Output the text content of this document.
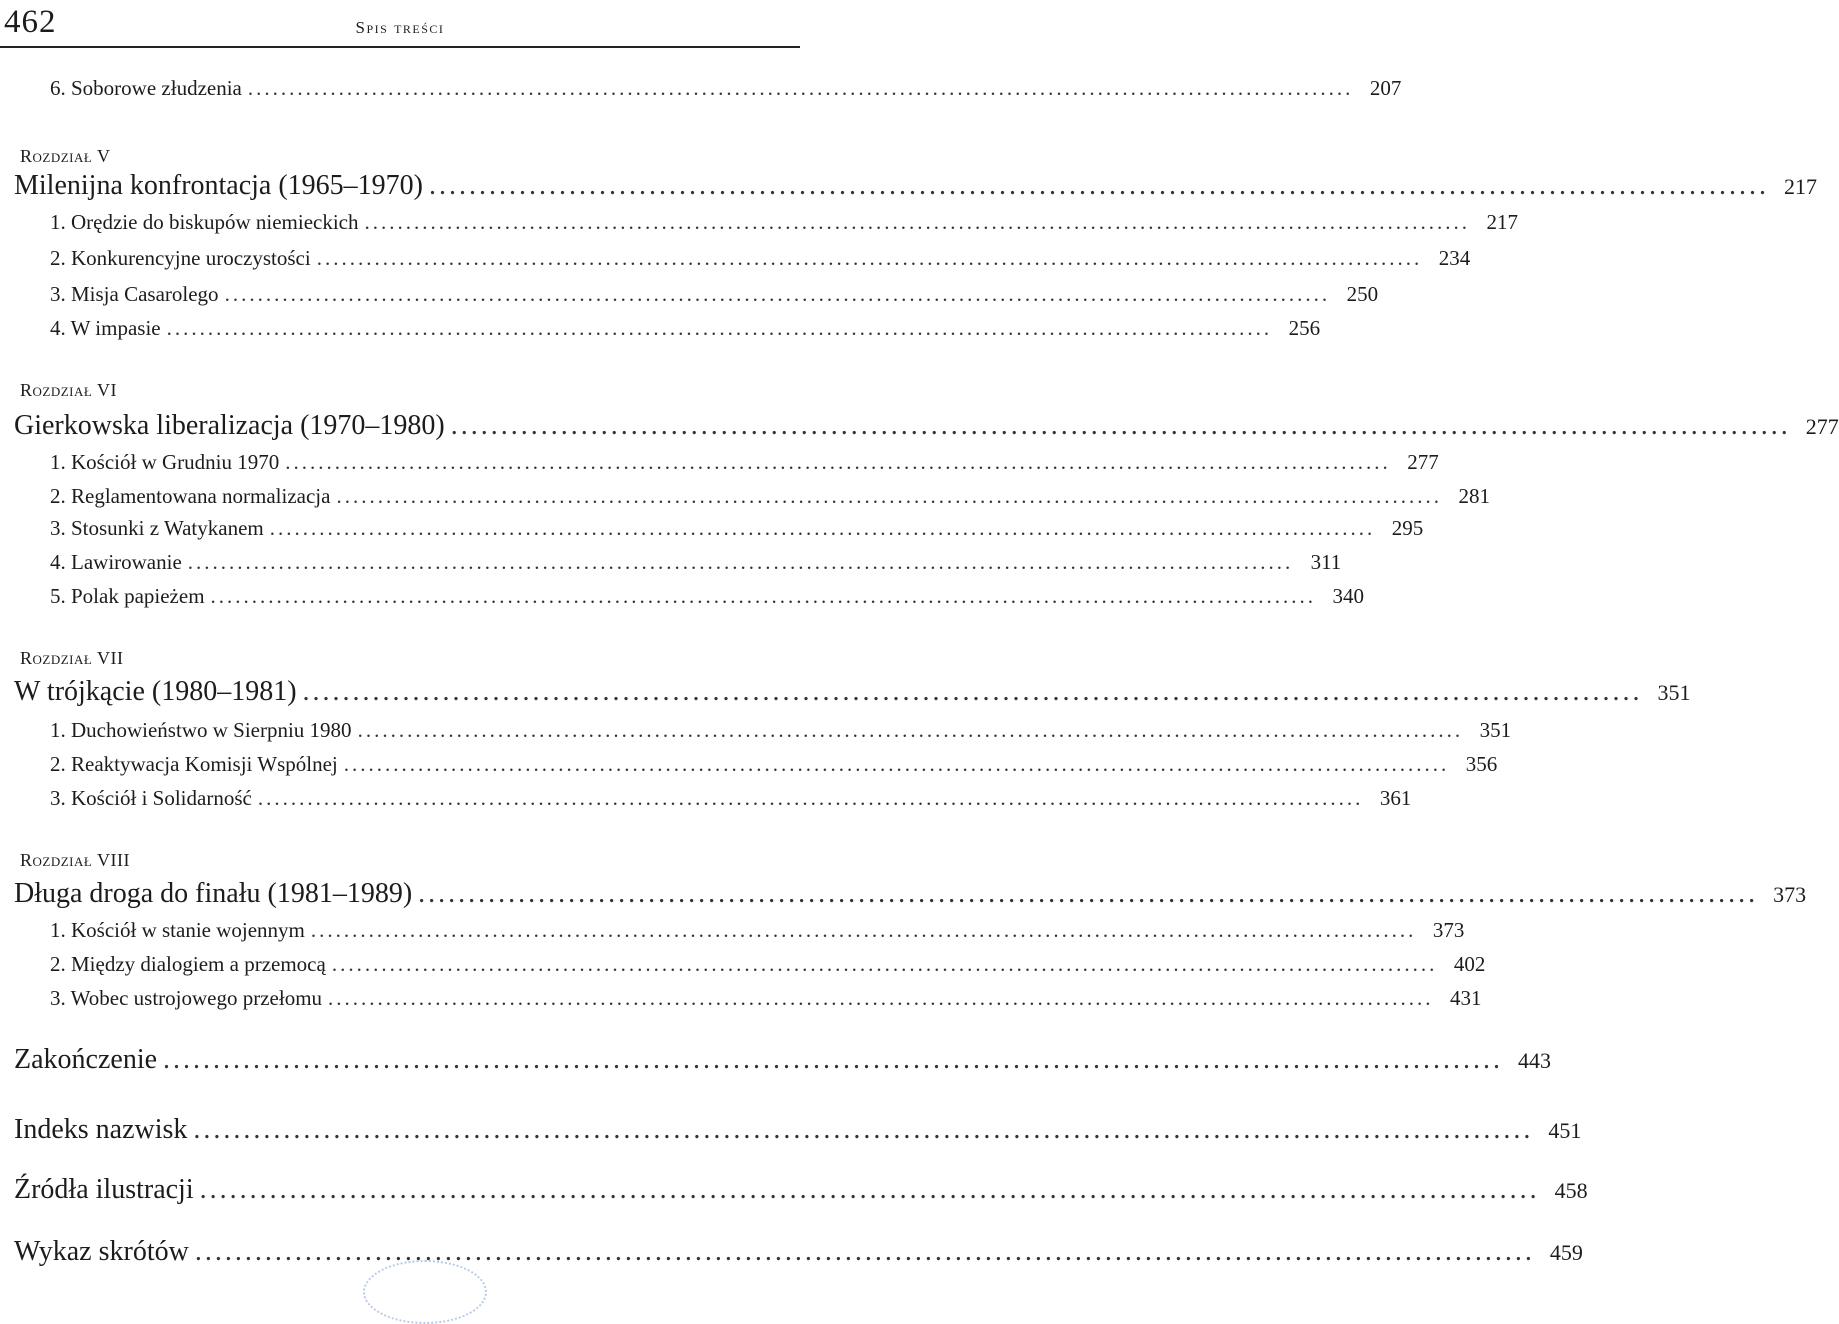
462	Spis treści
6. Soborowe złudzenia ...................................................................................................................................... 207
Rozdział V
Milenijna konfrontacja (1965–1970) ...................................................................................................................................... 217
1. Orędzie do biskupów niemieckich ...................................................................................................................................... 217
2. Konkurencyjne uroczystości ...................................................................................................................................... 234
3. Misja Casarolego ...................................................................................................................................... 250
4. W impasie ...................................................................................................................................... 256
Rozdział VI
Gierkowska liberalizacja (1970–1980) ...................................................................................................................................... 277
1. Kościół w Grudniu 1970 ...................................................................................................................................... 277
2. Reglamentowana normalizacja ...................................................................................................................................... 281
3. Stosunki z Watykanem ...................................................................................................................................... 295
4. Lawirowanie ...................................................................................................................................... 311
5. Polak papieżem ...................................................................................................................................... 340
Rozdział VII
W trójkącie (1980–1981) ...................................................................................................................................... 351
1. Duchowieństwo w Sierpniu 1980 ...................................................................................................................................... 351
2. Reaktywacja Komisji Wspólnej ...................................................................................................................................... 356
3. Kościół i Solidarność ...................................................................................................................................... 361
Rozdział VIII
Długa droga do finału (1981–1989) ...................................................................................................................................... 373
1. Kościół w stanie wojennym ...................................................................................................................................... 373
2. Między dialogiem a przemocą ...................................................................................................................................... 402
3. Wobec ustrojowego przełomu ...................................................................................................................................... 431
Zakończenie ...................................................................................................................................... 443
Indeks nazwisk ...................................................................................................................................... 451
Źródła ilustracji ...................................................................................................................................... 458
Wykaz skrótów ...................................................................................................................................... 459
